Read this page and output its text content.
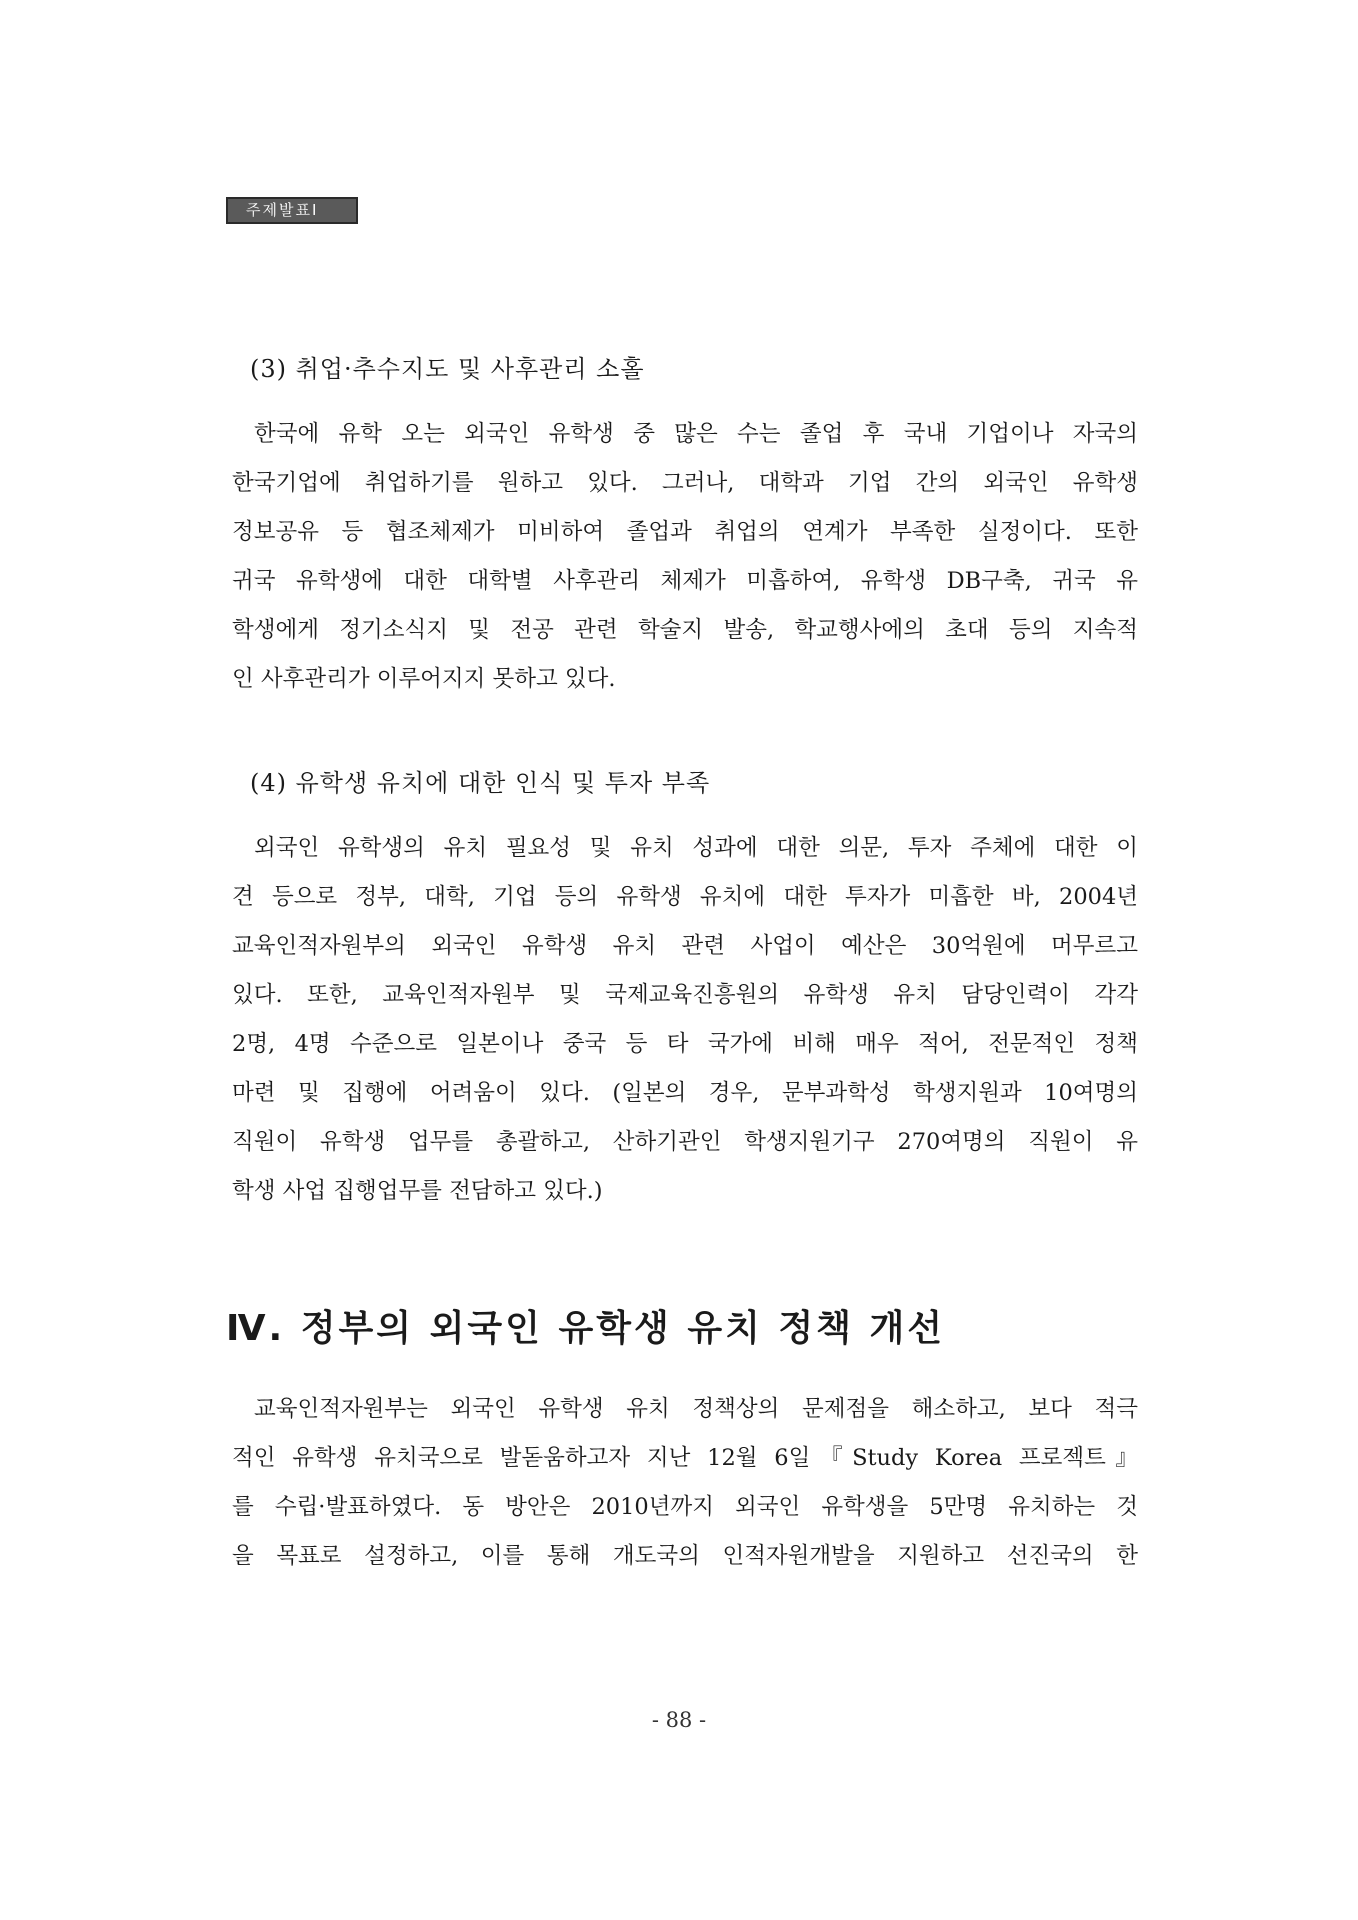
주제발표Ⅰ
(3) 취업·추수지도 및 사후관리 소홀
한국에 유학 오는 외국인 유학생 중 많은 수는 졸업 후 국내 기업이나 자국의
한국기업에 취업하기를 원하고 있다. 그러나, 대학과 기업 간의 외국인 유학생
정보공유 등 협조체제가 미비하여 졸업과 취업의 연계가 부족한 실정이다. 또한
귀국 유학생에 대한 대학별 사후관리 체제가 미흡하여, 유학생 DB구축, 귀국 유
학생에게 정기소식지 및 전공 관련 학술지 발송, 학교행사에의 초대 등의 지속적
인 사후관리가 이루어지지 못하고 있다.
(4) 유학생 유치에 대한 인식 및 투자 부족
외국인 유학생의 유치 필요성 및 유치 성과에 대한 의문, 투자 주체에 대한 이
견 등으로 정부, 대학, 기업 등의 유학생 유치에 대한 투자가 미흡한 바, 2004년
교육인적자원부의 외국인 유학생 유치 관련 사업이 예산은 30억원에 머무르고
있다. 또한, 교육인적자원부 및 국제교육진흥원의 유학생 유치 담당인력이 각각
2명, 4명 수준으로 일본이나 중국 등 타 국가에 비해 매우 적어, 전문적인 정책
마련 및 집행에 어려움이 있다. (일본의 경우, 문부과학성 학생지원과 10여명의
직원이 유학생 업무를 총괄하고, 산하기관인 학생지원기구 270여명의 직원이 유
학생 사업 집행업무를 전담하고 있다.)
Ⅳ. 정부의 외국인 유학생 유치 정책 개선
교육인적자원부는 외국인 유학생 유치 정책상의 문제점을 해소하고, 보다 적극
적인 유학생 유치국으로 발돋움하고자 지난 12월 6일『Study Korea 프로젝트』
를 수립·발표하였다. 동 방안은 2010년까지 외국인 유학생을 5만명 유치하는 것
을 목표로 설정하고, 이를 통해 개도국의 인적자원개발을 지원하고 선진국의 한
- 88 -
